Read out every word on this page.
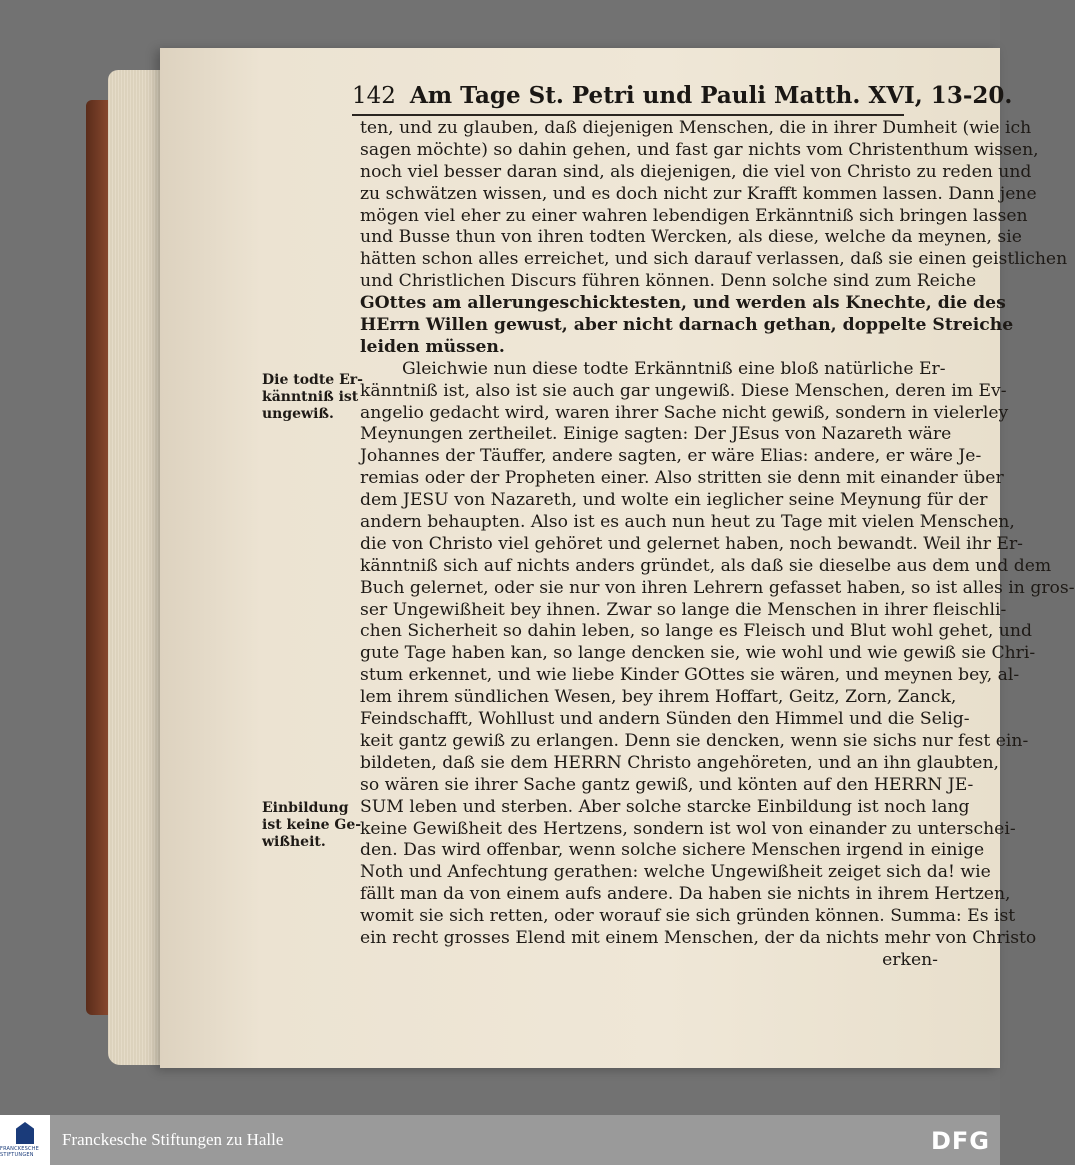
142 Am Tage St. Petri und Pauli Matth. XVI, 13-20.
Die todte Er-
känntniß ist
ungewiß.
Einbildung
ist keine Ge-
wißheit.
ten, und zu glauben, daß diejenigen Menschen, die in ihrer Dumheit (wie ich
sagen möchte) so dahin gehen, und fast gar nichts vom Christenthum wissen,
noch viel besser daran sind, als diejenigen, die viel von Christo zu reden und
zu schwätzen wissen, und es doch nicht zur Krafft kommen lassen. Dann jene
mögen viel eher zu einer wahren lebendigen Erkänntniß sich bringen lassen
und Busse thun von ihren todten Wercken, als diese, welche da meynen, sie
hätten schon alles erreichet, und sich darauf verlassen, daß sie einen geistlichen
und Christlichen Discurs führen können. Denn solche sind zum Reiche
GOttes am allerungeschicktesten, und werden als Knechte, die des
HErrn Willen gewust, aber nicht darnach gethan, doppelte Streiche
leiden müssen.
Gleichwie nun diese todte Erkänntniß eine bloß natürliche Er-
känntniß ist, also ist sie auch gar ungewiß. Diese Menschen, deren im Ev-
angelio gedacht wird, waren ihrer Sache nicht gewiß, sondern in vielerley
Meynungen zertheilet. Einige sagten: Der JEsus von Nazareth wäre
Johannes der Täuffer, andere sagten, er wäre Elias: andere, er wäre Je-
remias oder der Propheten einer. Also stritten sie denn mit einander über
dem JESU von Nazareth, und wolte ein ieglicher seine Meynung für der
andern behaupten. Also ist es auch nun heut zu Tage mit vielen Menschen,
die von Christo viel gehöret und gelernet haben, noch bewandt. Weil ihr Er-
känntniß sich auf nichts anders gründet, als daß sie dieselbe aus dem und dem
Buch gelernet, oder sie nur von ihren Lehrern gefasset haben, so ist alles in gros-
ser Ungewißheit bey ihnen. Zwar so lange die Menschen in ihrer fleischli-
chen Sicherheit so dahin leben, so lange es Fleisch und Blut wohl gehet, und
gute Tage haben kan, so lange dencken sie, wie wohl und wie gewiß sie Chri-
stum erkennet, und wie liebe Kinder GOttes sie wären, und meynen bey, al-
lem ihrem sündlichen Wesen, bey ihrem Hoffart, Geitz, Zorn, Zanck,
Feindschafft, Wohllust und andern Sünden den Himmel und die Selig-
keit gantz gewiß zu erlangen. Denn sie dencken, wenn sie sichs nur fest ein-
bildeten, daß sie dem HERRN Christo angehöreten, und an ihn glaubten,
so wären sie ihrer Sache gantz gewiß, und könten auf den HERRN JE-
SUM leben und sterben. Aber solche starcke Einbildung ist noch lang
keine Gewißheit des Hertzens, sondern ist wol von einander zu unterschei-
den. Das wird offenbar, wenn solche sichere Menschen irgend in einige
Noth und Anfechtung gerathen: welche Ungewißheit zeiget sich da! wie
fällt man da von einem aufs andere. Da haben sie nichts in ihrem Hertzen,
womit sie sich retten, oder worauf sie sich gründen können. Summa: Es ist
ein recht grosses Elend mit einem Menschen, der da nichts mehr von Christo
erken-
FRANCKESCHE STIFTUNGEN
Franckesche Stiftungen zu Halle	DFG
